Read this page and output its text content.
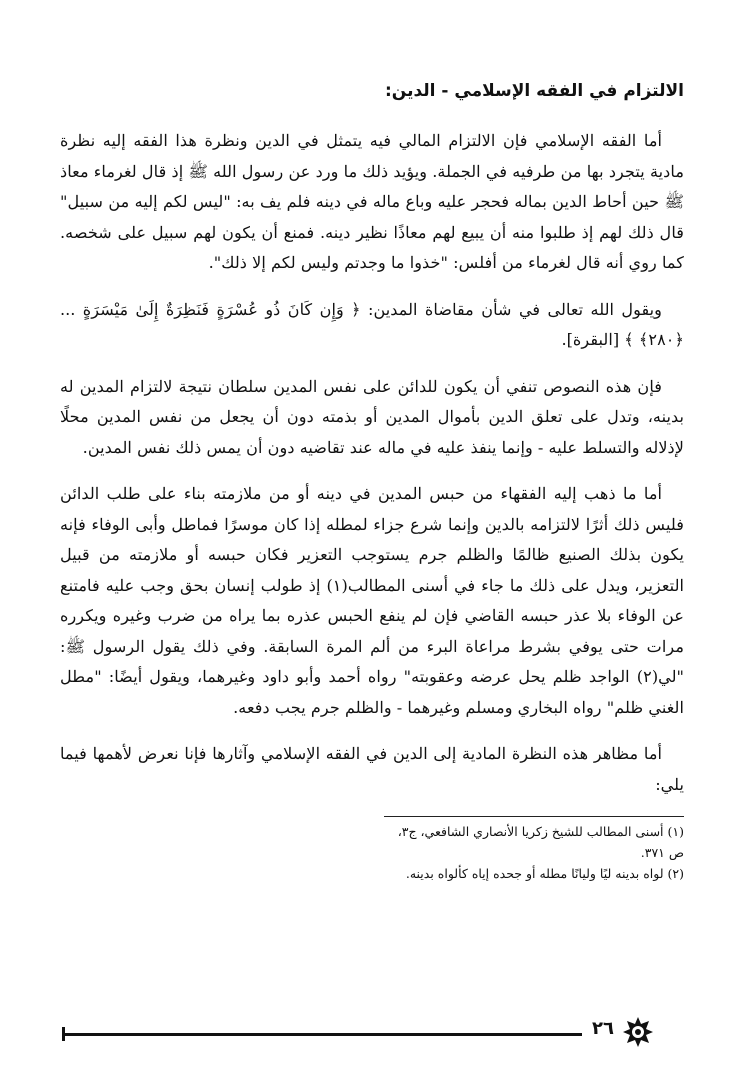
الالتزام في الفقه الإسلامي - الدين:

أما الفقه الإسلامي فإن الالتزام المالي فيه يتمثل في الدين ونظرة هذا الفقه إليه نظرة مادية يتجرد بها من طرفيه في الجملة. ويؤيد ذلك ما ورد عن رسول الله ﷺ إذ قال لغرماء معاذ ﷺ حين أحاط الدين بماله فحجر عليه وباع ماله في دينه فلم يف به: "ليس لكم إليه من سبيل" قال ذلك لهم إذ طلبوا منه أن يبيع لهم معاذًا نظير دينه. فمنع أن يكون لهم سبيل على شخصه. كما روي أنه قال لغرماء من أفلس: "خذوا ما وجدتم وليس لكم إلا ذلك".

ويقول الله تعالى في شأن مقاضاة المدين: ﴿ وَإِن كَانَ ذُو عُسْرَةٍ فَنَظِرَةٌ إِلَىٰ مَيْسَرَةٍ ... ﴿٢٨٠﴾ ﴾ [البقرة].

فإن هذه النصوص تنفي أن يكون للدائن على نفس المدين سلطان نتيجة لالتزام المدين له بدينه، وتدل على تعلق الدين بأموال المدين أو بذمته دون أن يجعل من نفس المدين محلًا لإذلاله والتسلط عليه - وإنما ينفذ عليه في ماله عند تقاضيه دون أن يمس ذلك نفس المدين.

أما ما ذهب إليه الفقهاء من حبس المدين في دينه أو من ملازمته بناء على طلب الدائن فليس ذلك أثرًا لالتزامه بالدين وإنما شرع جزاء لمطله إذا كان موسرًا فماطل وأبى الوفاء فإنه يكون بذلك الصنيع ظالمًا والظلم جرم يستوجب التعزير فكان حبسه أو ملازمته من قبيل التعزير، ويدل على ذلك ما جاء في أسنى المطالب(١) إذ طولب إنسان بحق وجب عليه فامتنع عن الوفاء بلا عذر حبسه القاضي فإن لم ينفع الحبس عذره بما يراه من ضرب وغيره ويكرره مرات حتى يوفي بشرط مراعاة البرء من ألم المرة السابقة. وفي ذلك يقول الرسول ﷺ: "لي(٢) الواجد ظلم يحل عرضه وعقوبته" رواه أحمد وأبو داود وغيرهما، ويقول أيضًا: "مطل الغني ظلم" رواه البخاري ومسلم وغيرهما - والظلم جرم يجب دفعه.

أما مظاهر هذه النظرة المادية إلى الدين في الفقه الإسلامي وآثارها فإنا نعرض لأهمها فيما يلي:

(١) أسنى المطالب للشيخ زكريا الأنصاري الشافعي، ج٣، ص ٣٧١.
(٢) لواه بدينه ليًا وليانًا مطله أو جحده إياه كألواه بدينه.
٢٦
